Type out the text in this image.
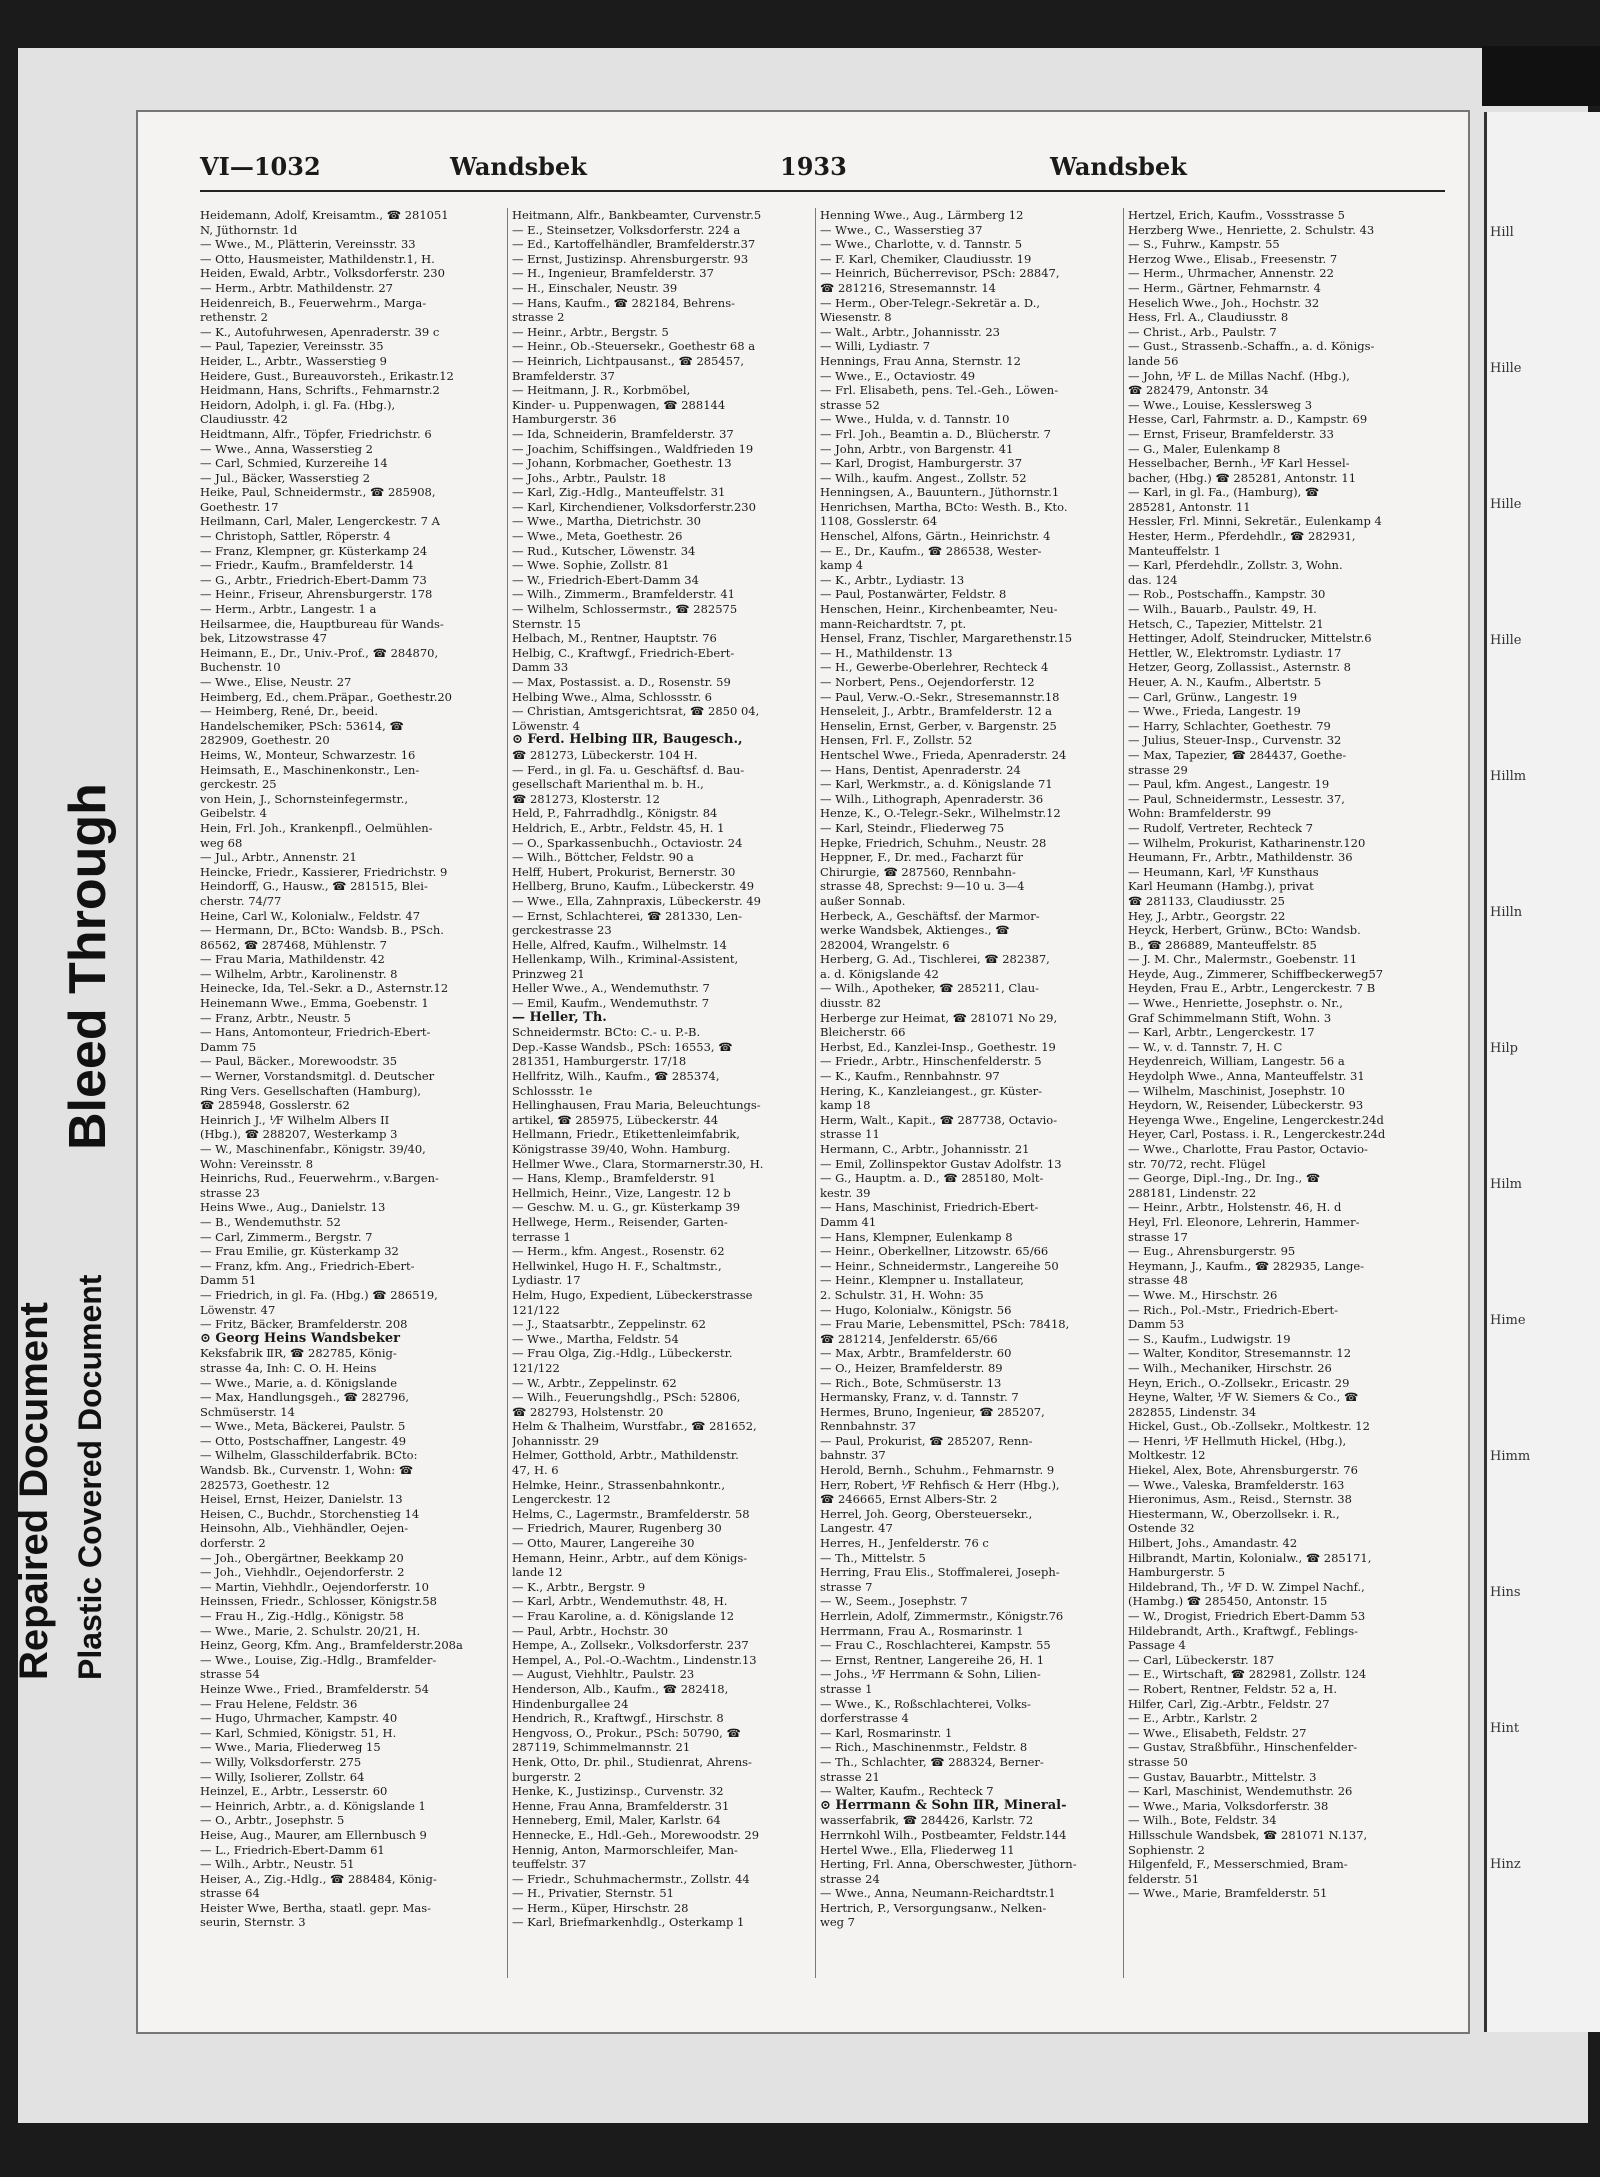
Hill
Hille
Hille
Hille
Hillm
Hilln
Hilp
Hilm
Hime
Himm
Hins
Hint
Hinz
VI—1032	Wandsbek	1933	Wandsbek

Heidemann, Adolf, Kreisamtm., ☎ 281051

N, Jüthornstr. 1d

— Wwe., M., Plätterin, Vereinsstr. 33

— Otto, Hausmeister, Mathildenstr.1, H.

Heiden, Ewald, Arbtr., Volksdorferstr. 230

— Herm., Arbtr. Mathildenstr. 27

Heidenreich, B., Feuerwehrm., Marga-

rethenstr. 2

— K., Autofuhrwesen, Apenraderstr. 39 c

— Paul, Tapezier, Vereinsstr. 35

Heider, L., Arbtr., Wasserstieg 9

Heidere, Gust., Bureauvorsteh., Erikastr.12

Heidmann, Hans, Schrifts., Fehmarnstr.2

Heidorn, Adolph, i. gl. Fa. (Hbg.),

Claudiusstr. 42

Heidtmann, Alfr., Töpfer, Friedrichstr. 6

— Wwe., Anna, Wasserstieg 2

— Carl, Schmied, Kurzereihe 14

— Jul., Bäcker, Wasserstieg 2

Heike, Paul, Schneidermstr., ☎ 285908,

Goethestr. 17

Heilmann, Carl, Maler, Lengerckestr. 7 A

— Christoph, Sattler, Röperstr. 4

— Franz, Klempner, gr. Küsterkamp 24

— Friedr., Kaufm., Bramfelderstr. 14

— G., Arbtr., Friedrich-Ebert-Damm 73

— Heinr., Friseur, Ahrensburgerstr. 178

— Herm., Arbtr., Langestr. 1 a

Heilsarmee, die, Hauptbureau für Wands-

bek, Litzowstrasse 47

Heimann, E., Dr., Univ.-Prof., ☎ 284870,

Buchenstr. 10

— Wwe., Elise, Neustr. 27

Heimberg, Ed., chem.Präpar., Goethestr.20

— Heimberg, René, Dr., beeid.

Handelschemiker, PSch: 53614, ☎

282909, Goethestr. 20

Heims, W., Monteur, Schwarzestr. 16

Heimsath, E., Maschinenkonstr., Len-

gerckestr. 25

von Hein, J., Schornsteinfegermstr.,

Geibelstr. 4

Hein, Frl. Joh., Krankenpfl., Oelmühlen-

weg 68

— Jul., Arbtr., Annenstr. 21

Heincke, Friedr., Kassierer, Friedrichstr. 9

Heindorff, G., Hausw., ☎ 281515, Blei-

cherstr. 74/77

Heine, Carl W., Kolonialw., Feldstr. 47

— Hermann, Dr., BCto: Wandsb. B., PSch.

86562, ☎ 287468, Mühlenstr. 7

— Frau Maria, Mathildenstr. 42

— Wilhelm, Arbtr., Karolinenstr. 8

Heinecke, Ida, Tel.-Sekr. a D., Asternstr.12

Heinemann Wwe., Emma, Goebenstr. 1

— Franz, Arbtr., Neustr. 5

— Hans, Antomonteur, Friedrich-Ebert-

Damm 75

— Paul, Bäcker., Morewoodstr. 35

— Werner, Vorstandsmitgl. d. Deutscher

Ring Vers. Gesellschaften (Hamburg),

☎ 285948, Gosslerstr. 62

Heinrich J., ⅟F Wilhelm Albers II

(Hbg.), ☎ 288207, Westerkamp 3

— W., Maschinenfabr., Königstr. 39/40,

Wohn: Vereinsstr. 8

Heinrichs, Rud., Feuerwehrm., v.Bargen-

strasse 23

Heins Wwe., Aug., Danielstr. 13

— B., Wendemuthstr. 52

— Carl, Zimmerm., Bergstr. 7

— Frau Emilie, gr. Küsterkamp 32

— Franz, kfm. Ang., Friedrich-Ebert-

Damm 51

— Friedrich, in gl. Fa. (Hbg.) ☎ 286519,

Löwenstr. 47

— Fritz, Bäcker, Bramfelderstr. 208

⊙ Georg Heins Wandsbeker

Keksfabrik ⅡR, ☎ 282785, König-

strasse 4a, Inh: C. O. H. Heins

— Wwe., Marie, a. d. Königslande

— Max, Handlungsgeh., ☎ 282796,

Schmüserstr. 14

— Wwe., Meta, Bäckerei, Paulstr. 5

— Otto, Postschaffner, Langestr. 49

— Wilhelm, Glasschilderfabrik. BCto:

Wandsb. Bk., Curvenstr. 1, Wohn: ☎

282573, Goethestr. 12

Heisel, Ernst, Heizer, Danielstr. 13

Heisen, C., Buchdr., Storchenstieg 14

Heinsohn, Alb., Viehhändler, Oejen-

dorferstr. 2

— Joh., Obergärtner, Beekkamp 20

— Joh., Viehhdlr., Oejendorferstr. 2

— Martin, Viehhdlr., Oejendorferstr. 10

Heinssen, Friedr., Schlosser, Königstr.58

— Frau H., Zig.-Hdlg., Königstr. 58

— Wwe., Marie, 2. Schulstr. 20/21, H.

Heinz, Georg, Kfm. Ang., Bramfelderstr.208a

— Wwe., Louise, Zig.-Hdlg., Bramfelder-

strasse 54

Heinze Wwe., Fried., Bramfelderstr. 54

— Frau Helene, Feldstr. 36

— Hugo, Uhrmacher, Kampstr. 40

— Karl, Schmied, Königstr. 51, H.

— Wwe., Maria, Fliederweg 15

— Willy, Volksdorferstr. 275

— Willy, Isolierer, Zollstr. 64

Heinzel, E., Arbtr., Lesserstr. 60

— Heinrich, Arbtr., a. d. Königslande 1

— O., Arbtr., Josephstr. 5

Heise, Aug., Maurer, am Ellernbusch 9

— L., Friedrich-Ebert-Damm 61

— Wilh., Arbtr., Neustr. 51

Heiser, A., Zig.-Hdlg., ☎ 288484, König-

strasse 64

Heister Wwe, Bertha, staatl. gepr. Mas-

seurin, Sternstr. 3

Heitmann, Alfr., Bankbeamter, Curvenstr.5

— E., Steinsetzer, Volksdorferstr. 224 a

— Ed., Kartoffelhändler, Bramfelderstr.37

— Ernst, Justizinsp. Ahrensburgerstr. 93

— H., Ingenieur, Bramfelderstr. 37

— H., Einschaler, Neustr. 39

— Hans, Kaufm., ☎ 282184, Behrens-

strasse 2

— Heinr., Arbtr., Bergstr. 5

— Heinr., Ob.-Steuersekr., Goethestr 68 a

— Heinrich, Lichtpausanst., ☎ 285457,

Bramfelderstr. 37

— Heitmann, J. R., Korbmöbel,

Kinder- u. Puppenwagen, ☎ 288144

Hamburgerstr. 36

— Ida, Schneiderin, Bramfelderstr. 37

— Joachim, Schiffsingen., Waldfrieden 19

— Johann, Korbmacher, Goethestr. 13

— Johs., Arbtr., Paulstr. 18

— Karl, Zig.-Hdlg., Manteuffelstr. 31

— Karl, Kirchendiener, Volksdorferstr.230

— Wwe., Martha, Dietrichstr. 30

— Wwe., Meta, Goethestr. 26

— Rud., Kutscher, Löwenstr. 34

— Wwe. Sophie, Zollstr. 81

— W., Friedrich-Ebert-Damm 34

— Wilh., Zimmerm., Bramfelderstr. 41

— Wilhelm, Schlossermstr., ☎ 282575

Sternstr. 15

Helbach, M., Rentner, Hauptstr. 76

Helbig, C., Kraftwgf., Friedrich-Ebert-

Damm 33

— Max, Postassist. a. D., Rosenstr. 59

Helbing Wwe., Alma, Schlossstr. 6

— Christian, Amtsgerichtsrat, ☎ 2850 04,

Löwenstr. 4

⊙ Ferd. Helbing ⅡR, Baugesch.,

☎ 281273, Lübeckerstr. 104 H.

— Ferd., in gl. Fa. u. Geschäftsf. d. Bau-

gesellschaft Marienthal m. b. H.,

☎ 281273, Klosterstr. 12

Held, P., Fahrradhdlg., Königstr. 84

Heldrich, E., Arbtr., Feldstr. 45, H. 1

— O., Sparkassenbuchh., Octaviostr. 24

— Wilh., Böttcher, Feldstr. 90 a

Helff, Hubert, Prokurist, Bernerstr. 30

Hellberg, Bruno, Kaufm., Lübeckerstr. 49

— Wwe., Ella, Zahnpraxis, Lübeckerstr. 49

— Ernst, Schlachterei, ☎ 281330, Len-

gerckestrasse 23

Helle, Alfred, Kaufm., Wilhelmstr. 14

Hellenkamp, Wilh., Kriminal-Assistent,

Prinzweg 21

Heller Wwe., A., Wendemuthstr. 7

— Emil, Kaufm., Wendemuthstr. 7

— Heller, Th.

Schneidermstr. BCto: C.- u. P.-B.

Dep.-Kasse Wandsb., PSch: 16553, ☎

281351, Hamburgerstr. 17/18

Hellfritz, Wilh., Kaufm., ☎ 285374,

Schlossstr. 1e

Hellinghausen, Frau Maria, Beleuchtungs-

artikel, ☎ 285975, Lübeckerstr. 44

Hellmann, Friedr., Etikettenleimfabrik,

Königstrasse 39/40, Wohn. Hamburg.

Hellmer Wwe., Clara, Stormarnerstr.30, H.

— Hans, Klemp., Bramfelderstr. 91

Hellmich, Heinr., Vize, Langestr. 12 b

— Geschw. M. u. G., gr. Küsterkamp 39

Hellwege, Herm., Reisender, Garten-

terrasse 1

— Herm., kfm. Angest., Rosenstr. 62

Hellwinkel, Hugo H. F., Schaltmstr.,

Lydiastr. 17

Helm, Hugo, Expedient, Lübeckerstrasse

121/122

— J., Staatsarbtr., Zeppelinstr. 62

— Wwe., Martha, Feldstr. 54

— Frau Olga, Zig.-Hdlg., Lübeckerstr.

121/122

— W., Arbtr., Zeppelinstr. 62

— Wilh., Feuerungshdlg., PSch: 52806,

☎ 282793, Holstenstr. 20

Helm & Thalheim, Wurstfabr., ☎ 281652,

Johannisstr. 29

Helmer, Gotthold, Arbtr., Mathildenstr.

47, H. 6

Helmke, Heinr., Strassenbahnkontr.,

Lengerckestr. 12

Helms, C., Lagermstr., Bramfelderstr. 58

— Friedrich, Maurer, Rugenberg 30

— Otto, Maurer, Langereihe 30

Hemann, Heinr., Arbtr., auf dem Königs-

lande 12

— K., Arbtr., Bergstr. 9

— Karl, Arbtr., Wendemuthstr. 48, H.

— Frau Karoline, a. d. Königslande 12

— Paul, Arbtr., Hochstr. 30

Hempe, A., Zollsekr., Volksdorferstr. 237

Hempel, A., Pol.-O.-Wachtm., Lindenstr.13

— August, Viehhltr., Paulstr. 23

Henderson, Alb., Kaufm., ☎ 282418,

Hindenburgallee 24

Hendrich, R., Kraftwgf., Hirschstr. 8

Hengvoss, O., Prokur., PSch: 50790, ☎

287119, Schimmelmannstr. 21

Henk, Otto, Dr. phil., Studienrat, Ahrens-

burgerstr. 2

Henke, K., Justizinsp., Curvenstr. 32

Henne, Frau Anna, Bramfelderstr. 31

Henneberg, Emil, Maler, Karlstr. 64

Hennecke, E., Hdl.-Geh., Morewoodstr. 29

Hennig, Anton, Marmorschleifer, Man-

teuffelstr. 37

— Friedr., Schuhmachermstr., Zollstr. 44

— H., Privatier, Sternstr. 51

— Herm., Küper, Hirschstr. 28

— Karl, Briefmarkenhdlg., Osterkamp 1

Henning Wwe., Aug., Lärmberg 12

— Wwe., C., Wasserstieg 37

— Wwe., Charlotte, v. d. Tannstr. 5

— F. Karl, Chemiker, Claudiusstr. 19

— Heinrich, Bücherrevisor, PSch: 28847,

☎ 281216, Stresemannstr. 14

— Herm., Ober-Telegr.-Sekretär a. D.,

Wiesenstr. 8

— Walt., Arbtr., Johannisstr. 23

— Willi, Lydiastr. 7

Hennings, Frau Anna, Sternstr. 12

— Wwe., E., Octaviostr. 49

— Frl. Elisabeth, pens. Tel.-Geh., Löwen-

strasse 52

— Wwe., Hulda, v. d. Tannstr. 10

— Frl. Joh., Beamtin a. D., Blücherstr. 7

— John, Arbtr., von Bargenstr. 41

— Karl, Drogist, Hamburgerstr. 37

— Wilh., kaufm. Angest., Zollstr. 52

Henningsen, A., Bauuntern., Jüthornstr.1

Henrichsen, Martha, BCto: Westh. B., Kto.

1108, Gosslerstr. 64

Henschel, Alfons, Gärtn., Heinrichstr. 4

— E., Dr., Kaufm., ☎ 286538, Wester-

kamp 4

— K., Arbtr., Lydiastr. 13

— Paul, Postanwärter, Feldstr. 8

Henschen, Heinr., Kirchenbeamter, Neu-

mann-Reichardtstr. 7, pt.

Hensel, Franz, Tischler, Margarethenstr.15

— H., Mathildenstr. 13

— H., Gewerbe-Oberlehrer, Rechteck 4

— Norbert, Pens., Oejendorferstr. 12

— Paul, Verw.-O.-Sekr., Stresemannstr.18

Henseleit, J., Arbtr., Bramfelderstr. 12 a

Henselin, Ernst, Gerber, v. Bargenstr. 25

Hensen, Frl. F., Zollstr. 52

Hentschel Wwe., Frieda, Apenraderstr. 24

— Hans, Dentist, Apenraderstr. 24

— Karl, Werkmstr., a. d. Königslande 71

— Wilh., Lithograph, Apenraderstr. 36

Henze, K., O.-Telegr.-Sekr., Wilhelmstr.12

— Karl, Steindr., Fliederweg 75

Hepke, Friedrich, Schuhm., Neustr. 28

Heppner, F., Dr. med., Facharzt für

Chirurgie, ☎ 287560, Rennbahn-

strasse 48, Sprechst: 9—10 u. 3—4

außer Sonnab.

Herbeck, A., Geschäftsf. der Marmor-

werke Wandsbek, Aktienges., ☎

282004, Wrangelstr. 6

Herberg, G. Ad., Tischlerei, ☎ 282387,

a. d. Königslande 42

— Wilh., Apotheker, ☎ 285211, Clau-

diusstr. 82

Herberge zur Heimat, ☎ 281071 No 29,

Bleicherstr. 66

Herbst, Ed., Kanzlei-Insp., Goethestr. 19

— Friedr., Arbtr., Hinschenfelderstr. 5

— K., Kaufm., Rennbahnstr. 97

Hering, K., Kanzleiangest., gr. Küster-

kamp 18

Herm, Walt., Kapit., ☎ 287738, Octavio-

strasse 11

Hermann, C., Arbtr., Johannisstr. 21

— Emil, Zollinspektor Gustav Adolfstr. 13

— G., Hauptm. a. D., ☎ 285180, Molt-

kestr. 39

— Hans, Maschinist, Friedrich-Ebert-

Damm 41

— Hans, Klempner, Eulenkamp 8

— Heinr., Oberkellner, Litzowstr. 65/66

— Heinr., Schneidermstr., Langereihe 50

— Heinr., Klempner u. Installateur,

2. Schulstr. 31, H. Wohn: 35

— Hugo, Kolonialw., Königstr. 56

— Frau Marie, Lebensmittel, PSch: 78418,

☎ 281214, Jenfelderstr. 65/66

— Max, Arbtr., Bramfelderstr. 60

— O., Heizer, Bramfelderstr. 89

— Rich., Bote, Schmüserstr. 13

Hermansky, Franz, v. d. Tannstr. 7

Hermes, Bruno, Ingenieur, ☎ 285207,

Rennbahnstr. 37

— Paul, Prokurist, ☎ 285207, Renn-

bahnstr. 37

Herold, Bernh., Schuhm., Fehmarnstr. 9

Herr, Robert, ⅟F Rehfisch & Herr (Hbg.),

☎ 246665, Ernst Albers-Str. 2

Herrel, Joh. Georg, Obersteuersekr.,

Langestr. 47

Herres, H., Jenfelderstr. 76 c

— Th., Mittelstr. 5

Herring, Frau Elis., Stoffmalerei, Joseph-

strasse 7

— W., Seem., Josephstr. 7

Herrlein, Adolf, Zimmermstr., Königstr.76

Herrmann, Frau A., Rosmarinstr. 1

— Frau C., Roschlachterei, Kampstr. 55

— Ernst, Rentner, Langereihe 26, H. 1

— Johs., ⅟F Herrmann & Sohn, Lilien-

strasse 1

— Wwe., K., Roßschlachterei, Volks-

dorferstrasse 4

— Karl, Rosmarinstr. 1

— Rich., Maschinenmstr., Feldstr. 8

— Th., Schlachter, ☎ 288324, Berner-

strasse 21

— Walter, Kaufm., Rechteck 7

⊙ Herrmann & Sohn ⅡR, Mineral-

wasserfabrik, ☎ 284426, Karlstr. 72

Herrnkohl Wilh., Postbeamter, Feldstr.144

Hertel Wwe., Ella, Fliederweg 11

Herting, Frl. Anna, Oberschwester, Jüthorn-

strasse 24

— Wwe., Anna, Neumann-Reichardtstr.1

Hertrich, P., Versorgungsanw., Nelken-

weg 7

Hertzel, Erich, Kaufm., Vossstrasse 5

Herzberg Wwe., Henriette, 2. Schulstr. 43

— S., Fuhrw., Kampstr. 55

Herzog Wwe., Elisab., Freesenstr. 7

— Herm., Uhrmacher, Annenstr. 22

— Herm., Gärtner, Fehmarnstr. 4

Heselich Wwe., Joh., Hochstr. 32

Hess, Frl. A., Claudiusstr. 8

— Christ., Arb., Paulstr. 7

— Gust., Strassenb.-Schaffn., a. d. Königs-

lande 56

— John, ⅟F L. de Millas Nachf. (Hbg.),

☎ 282479, Antonstr. 34

— Wwe., Louise, Kesslersweg 3

Hesse, Carl, Fahrmstr. a. D., Kampstr. 69

— Ernst, Friseur, Bramfelderstr. 33

— G., Maler, Eulenkamp 8

Hesselbacher, Bernh., ⅟F Karl Hessel-

bacher, (Hbg.) ☎ 285281, Antonstr. 11

— Karl, in gl. Fa., (Hamburg), ☎

285281, Antonstr. 11

Hessler, Frl. Minni, Sekretär., Eulenkamp 4

Hester, Herm., Pferdehdlr., ☎ 282931,

Manteuffelstr. 1

— Karl, Pferdehdlr., Zollstr. 3, Wohn.

das. 124

— Rob., Postschaffn., Kampstr. 30

— Wilh., Bauarb., Paulstr. 49, H.

Hetsch, C., Tapezier, Mittelstr. 21

Hettinger, Adolf, Steindrucker, Mittelstr.6

Hettler, W., Elektromstr. Lydiastr. 17

Hetzer, Georg, Zollassist., Asternstr. 8

Heuer, A. N., Kaufm., Albertstr. 5

— Carl, Grünw., Langestr. 19

— Wwe., Frieda, Langestr. 19

— Harry, Schlachter, Goethestr. 79

— Julius, Steuer-Insp., Curvenstr. 32

— Max, Tapezier, ☎ 284437, Goethe-

strasse 29

— Paul, kfm. Angest., Langestr. 19

— Paul, Schneidermstr., Lessestr. 37,

Wohn: Bramfelderstr. 99

— Rudolf, Vertreter, Rechteck 7

— Wilhelm, Prokurist, Katharinenstr.120

Heumann, Fr., Arbtr., Mathildenstr. 36

— Heumann, Karl, ⅟F Kunsthaus

Karl Heumann (Hambg.), privat

☎ 281133, Claudiusstr. 25

Hey, J., Arbtr., Georgstr. 22

Heyck, Herbert, Grünw., BCto: Wandsb.

B., ☎ 286889, Manteuffelstr. 85

— J. M. Chr., Malermstr., Goebenstr. 11

Heyde, Aug., Zimmerer, Schiffbeckerweg57

Heyden, Frau E., Arbtr., Lengerckestr. 7 B

— Wwe., Henriette, Josephstr. o. Nr.,

Graf Schimmelmann Stift, Wohn. 3

— Karl, Arbtr., Lengerckestr. 17

— W., v. d. Tannstr. 7, H. C

Heydenreich, William, Langestr. 56 a

Heydolph Wwe., Anna, Manteuffelstr. 31

— Wilhelm, Maschinist, Josephstr. 10

Heydorn, W., Reisender, Lübeckerstr. 93

Heyenga Wwe., Engeline, Lengerckestr.24d

Heyer, Carl, Postass. i. R., Lengerckestr.24d

— Wwe., Charlotte, Frau Pastor, Octavio-

str. 70/72, recht. Flügel

— George, Dipl.-Ing., Dr. Ing., ☎

288181, Lindenstr. 22

— Heinr., Arbtr., Holstenstr. 46, H. d

Heyl, Frl. Eleonore, Lehrerin, Hammer-

strasse 17

— Eug., Ahrensburgerstr. 95

Heymann, J., Kaufm., ☎ 282935, Lange-

strasse 48

— Wwe. M., Hirschstr. 26

— Rich., Pol.-Mstr., Friedrich-Ebert-

Damm 53

— S., Kaufm., Ludwigstr. 19

— Walter, Konditor, Stresemannstr. 12

— Wilh., Mechaniker, Hirschstr. 26

Heyn, Erich., O.-Zollsekr., Ericastr. 29

Heyne, Walter, ⅟F W. Siemers & Co., ☎

282855, Lindenstr. 34

Hickel, Gust., Ob.-Zollsekr., Moltkestr. 12

— Henri, ⅟F Hellmuth Hickel, (Hbg.),

Moltkestr. 12

Hiekel, Alex, Bote, Ahrensburgerstr. 76

— Wwe., Valeska, Bramfelderstr. 163

Hieronimus, Asm., Reisd., Sternstr. 38

Hiestermann, W., Oberzollsekr. i. R.,

Ostende 32

Hilbert, Johs., Amandastr. 42

Hilbrandt, Martin, Kolonialw., ☎ 285171,

Hamburgerstr. 5

Hildebrand, Th., ⅟F D. W. Zimpel Nachf.,

(Hambg.) ☎ 285450, Antonstr. 15

— W., Drogist, Friedrich Ebert-Damm 53

Hildebrandt, Arth., Kraftwgf., Feblings-

Passage 4

— Carl, Lübeckerstr. 187

— E., Wirtschaft, ☎ 282981, Zollstr. 124

— Robert, Rentner, Feldstr. 52 a, H.

Hilfer, Carl, Zig.-Arbtr., Feldstr. 27

— E., Arbtr., Karlstr. 2

— Wwe., Elisabeth, Feldstr. 27

— Gustav, Straßbführ., Hinschenfelder-

strasse 50

— Gustav, Bauarbtr., Mittelstr. 3

— Karl, Maschinist, Wendemuthstr. 26

— Wwe., Maria, Volksdorferstr. 38

— Wilh., Bote, Feldstr. 34

Hillsschule Wandsbek, ☎ 281071 N.137,

Sophienstr. 2

Hilgenfeld, F., Messerschmied, Bram-

felderstr. 51

— Wwe., Marie, Bramfelderstr. 51

Repaired Document Plastic Covered Document
Bleed Through
